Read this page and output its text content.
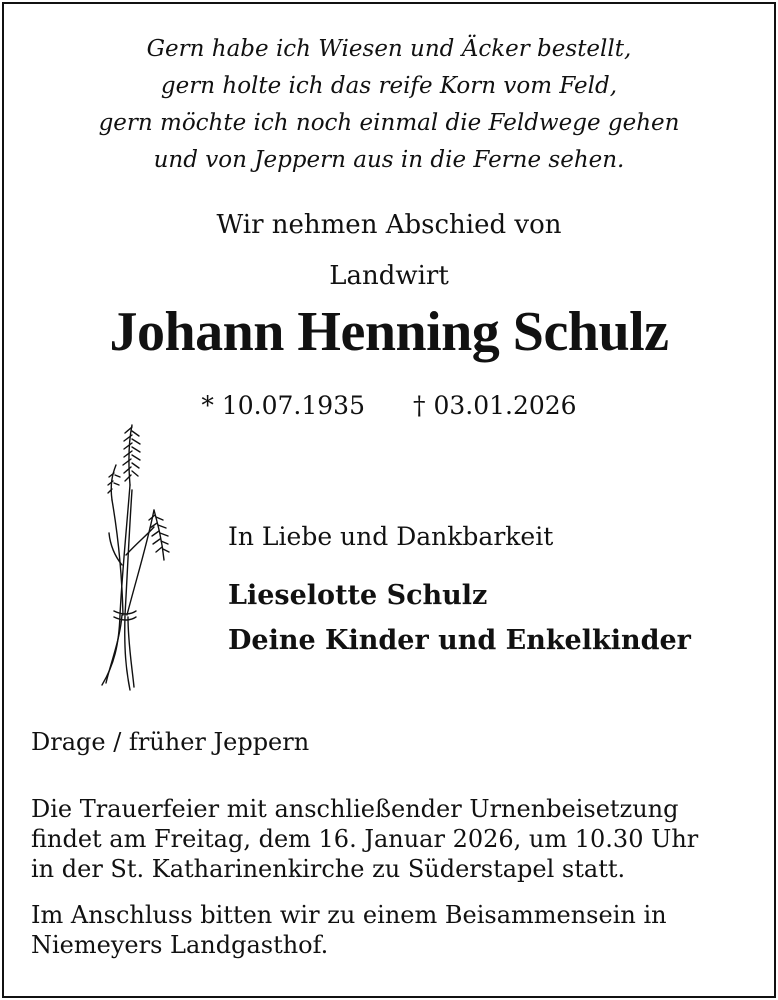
Gern habe ich Wiesen und Äcker bestellt,
gern holte ich das reife Korn vom Feld,
gern möchte ich noch einmal die Feldwege gehen
und von Jeppern aus in die Ferne sehen.
Wir nehmen Abschied von
Landwirt
Johann Henning Schulz
* 10.07.1935 † 03.01.2026
In Liebe und Dankbarkeit
Lieselotte Schulz
Deine Kinder und Enkelkinder
Drage / früher Jeppern
Die Trauerfeier mit anschließender Urnenbeisetzung
findet am Freitag, dem 16. Januar 2026, um 10.30 Uhr
in der St. Katharinenkirche zu Süderstapel statt.
Im Anschluss bitten wir zu einem Beisammensein in
Niemeyers Landgasthof.
